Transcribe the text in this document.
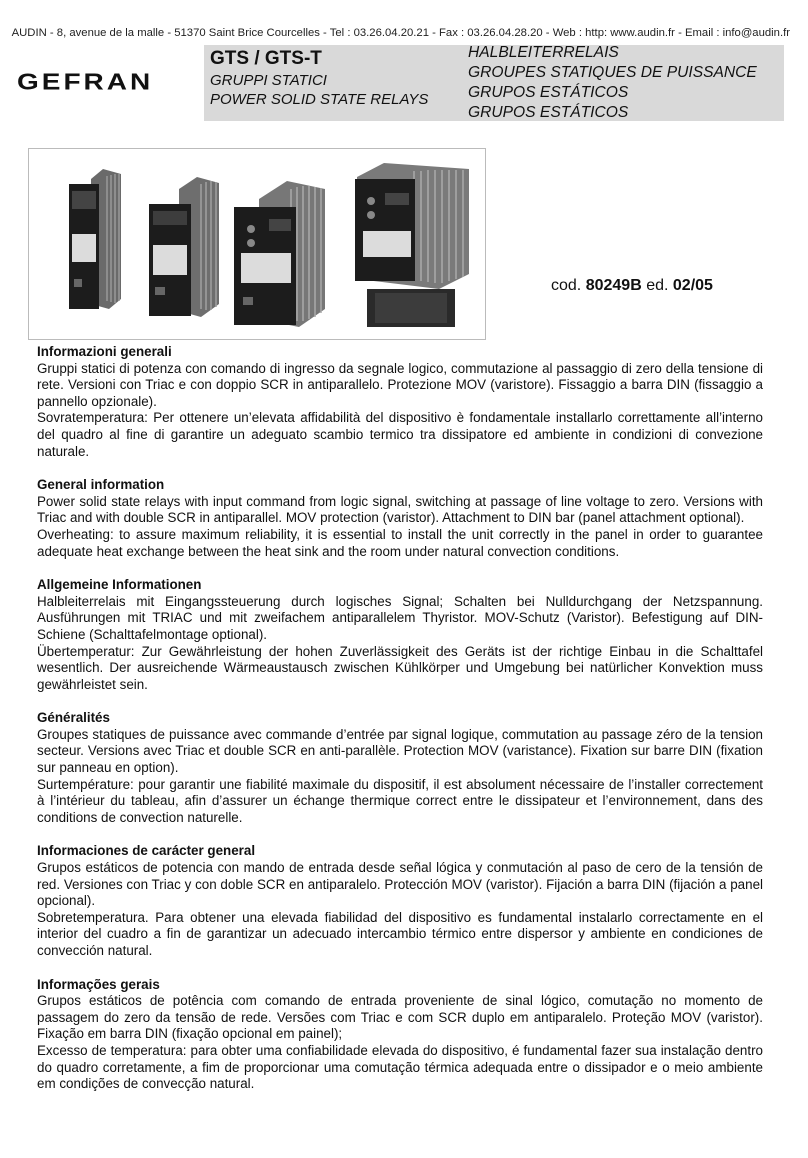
AUDIN - 8, avenue de la malle - 51370 Saint Brice Courcelles - Tel : 03.26.04.20.21 - Fax : 03.26.04.28.20 - Web : http: www.audin.fr - Email : info@audin.fr
GEFRAN
GTS / GTS-T
GRUPPI STATICI
POWER SOLID STATE RELAYS
HALBLEITERRELAIS
GROUPES STATIQUES DE PUISSANCE
GRUPOS ESTÁTICOS
GRUPOS ESTÁTICOS
cod. 80249B ed. 02/05
Informazioni generali

Gruppi statici di potenza con comando di ingresso da segnale logico, commutazione al passaggio di zero della tensione di rete. Versioni con Triac e con doppio SCR in antiparallelo. Protezione MOV (varistore). Fissaggio a barra DIN (fissaggio a pannello opzionale).

Sovratemperatura: Per ottenere un’elevata affidabilità del dispositivo è fondamentale installarlo correttamente all’interno del quadro al fine di garantire un adeguato scambio termico tra dissipatore ed ambiente in condizioni di convezione naturale.

General information

Power solid state relays with input command from logic signal, switching at passage of line voltage to zero. Versions with Triac and with double SCR in antiparallel. MOV protection (varistor). Attachment to DIN bar (panel attachment optional).

Overheating: to assure maximum reliability, it is essential to install the unit correctly in the panel in order to guarantee adequate heat exchange between the heat sink and the room under natural convection conditions.

Allgemeine Informationen

Halbleiterrelais mit Eingangssteuerung durch logisches Signal; Schalten bei Nulldurchgang der Netzspannung. Ausführungen mit TRIAC und mit zweifachem antiparallelem Thyristor. MOV-Schutz (Varistor). Befestigung auf DIN-Schiene (Schalttafelmontage optional).

Übertemperatur: Zur Gewährleistung der hohen Zuverlässigkeit des Geräts ist der richtige Einbau in die Schalttafel wesentlich. Der ausreichende Wärmeaustausch zwischen Kühlkörper und Umgebung bei natürlicher Konvektion muss gewährleistet sein.

Généralités

Groupes statiques de puissance avec commande d’entrée par signal logique, commutation au passage zéro de la tension secteur. Versions avec Triac et double SCR en anti-parallèle. Protection MOV (varistance). Fixation sur barre DIN (fixation sur panneau en option).

Surtempérature: pour garantir une fiabilité maximale du dispositif, il est absolument nécessaire de l’installer correctement à l’intérieur du tableau, afin d’assurer un échange thermique correct entre le dissipateur et l’environnement, dans des conditions de convection naturelle.

Informaciones de carácter general

Grupos estáticos de potencia con mando de entrada desde señal lógica y conmutación al paso de cero de la tensión de red. Versiones con Triac y con doble SCR en antiparalelo. Protección MOV (varistor). Fijación a barra DIN (fijación a panel opcional).

Sobretemperatura. Para obtener una elevada fiabilidad del dispositivo es fundamental instalarlo correctamente en el interior del cuadro a fin de garantizar un adecuado intercambio térmico entre dispersor y ambiente en condiciones de convección natural.

Informações gerais

Grupos estáticos de potência com comando de entrada proveniente de sinal lógico, comutação no momento de passagem do zero da tensão de rede. Versões com Triac e com SCR duplo em antiparalelo. Proteção MOV (varistor). Fixação em barra DIN (fixação opcional em painel);

Excesso de temperatura: para obter uma confiabilidade elevada do dispositivo, é fundamental fazer sua instalação dentro do quadro corretamente, a fim de proporcionar uma comutação térmica adequada entre o dissipador e o meio ambiente em condições de convecção natural.
